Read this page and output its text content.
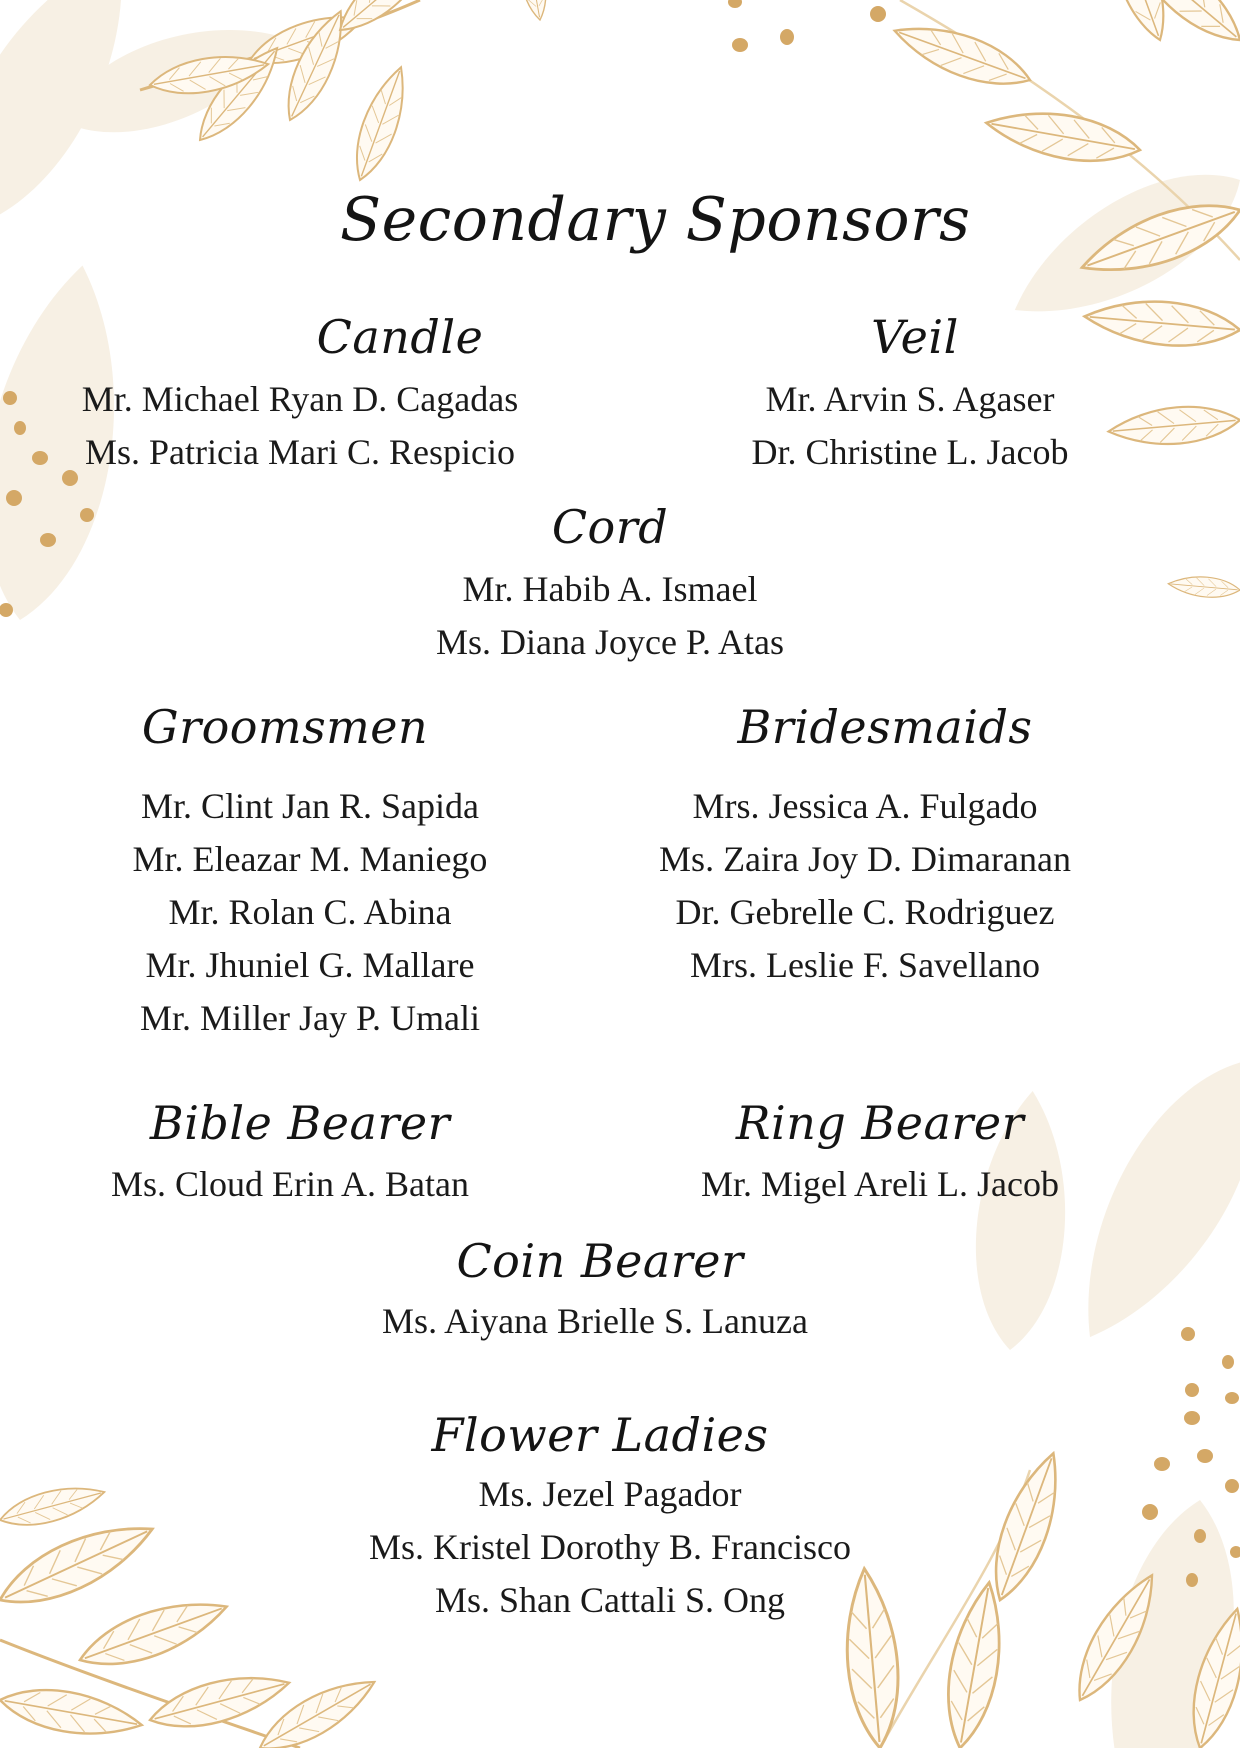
Secondary Sponsors
Candle
Mr. Michael Ryan D. Cagadas
Ms. Patricia Mari C. Respicio
Veil
Mr. Arvin S. Agaser
Dr. Christine L. Jacob
Cord
Mr. Habib A. Ismael
Ms. Diana Joyce P. Atas
Groomsmen
Mr. Clint Jan R. Sapida
Mr. Eleazar M. Maniego
Mr. Rolan C. Abina
Mr. Jhuniel G. Mallare
Mr. Miller Jay P. Umali
Bridesmaids
Mrs. Jessica A. Fulgado
Ms. Zaira Joy D. Dimaranan
Dr. Gebrelle C. Rodriguez
Mrs. Leslie F. Savellano
Bible Bearer
Ms. Cloud Erin A. Batan
Ring Bearer
Mr. Migel Areli L. Jacob
Coin Bearer
Ms. Aiyana Brielle S. Lanuza
Flower Ladies
Ms. Jezel Pagador
Ms. Kristel Dorothy B. Francisco
Ms. Shan Cattali S. Ong
